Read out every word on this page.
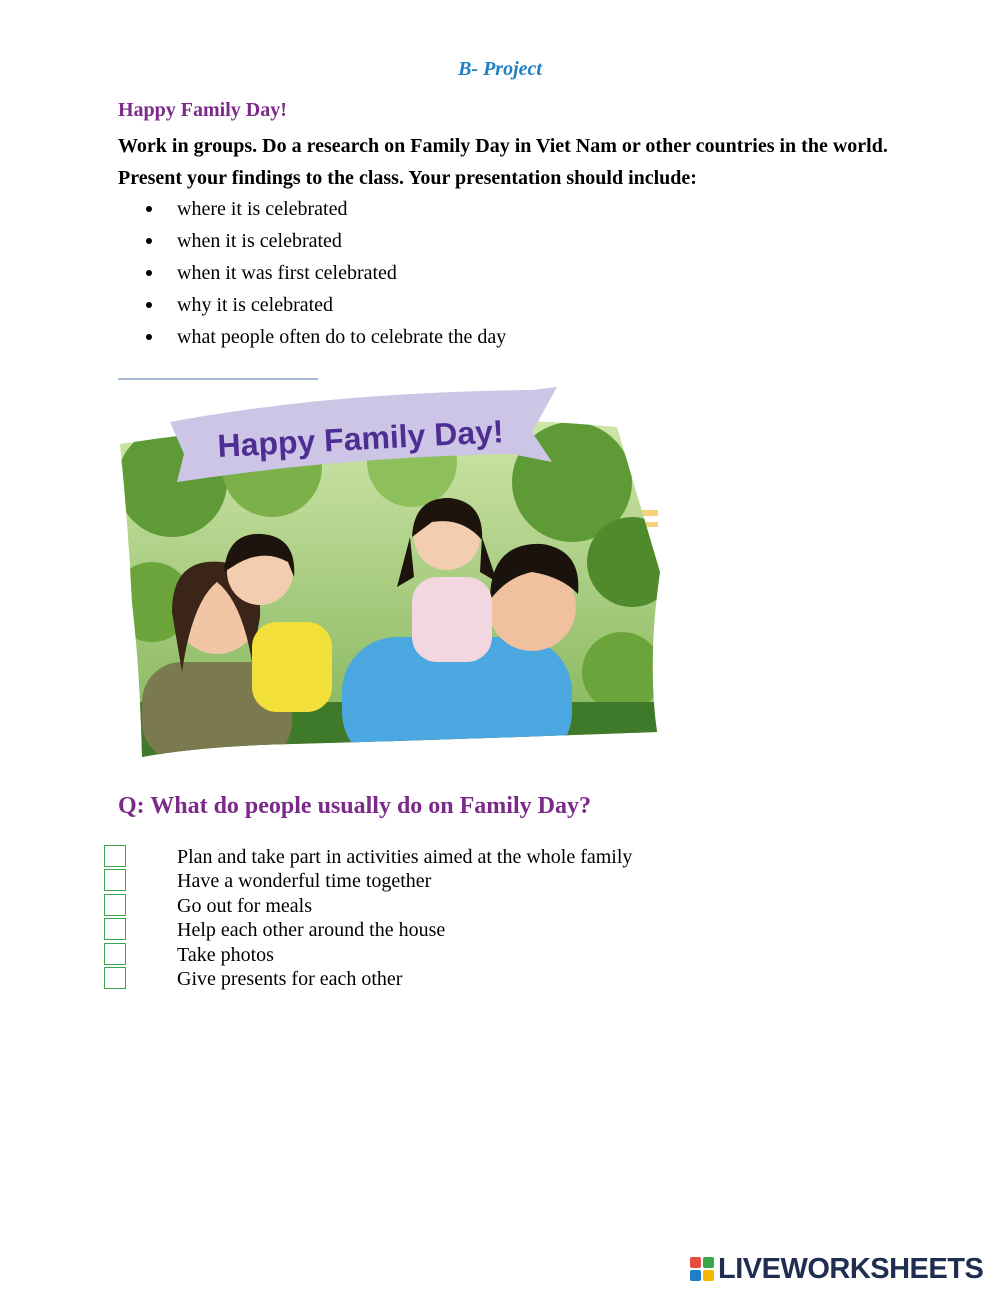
B- Project
Happy Family Day!
Work in groups. Do a research on Family Day in Viet Nam or other countries in the world. Present your findings to the class. Your presentation should include:
where it is celebrated
when it is celebrated
when it was first celebrated
why it is celebrated
what people often do to celebrate the day
Happy Family Day!
Q: What do people usually do on Family Day?
Plan and take part in activities aimed at the whole family
Have a wonderful time together
Go out for meals
Help each other around the house
Take photos
Give presents for each other
LIVEWORKSHEETS
